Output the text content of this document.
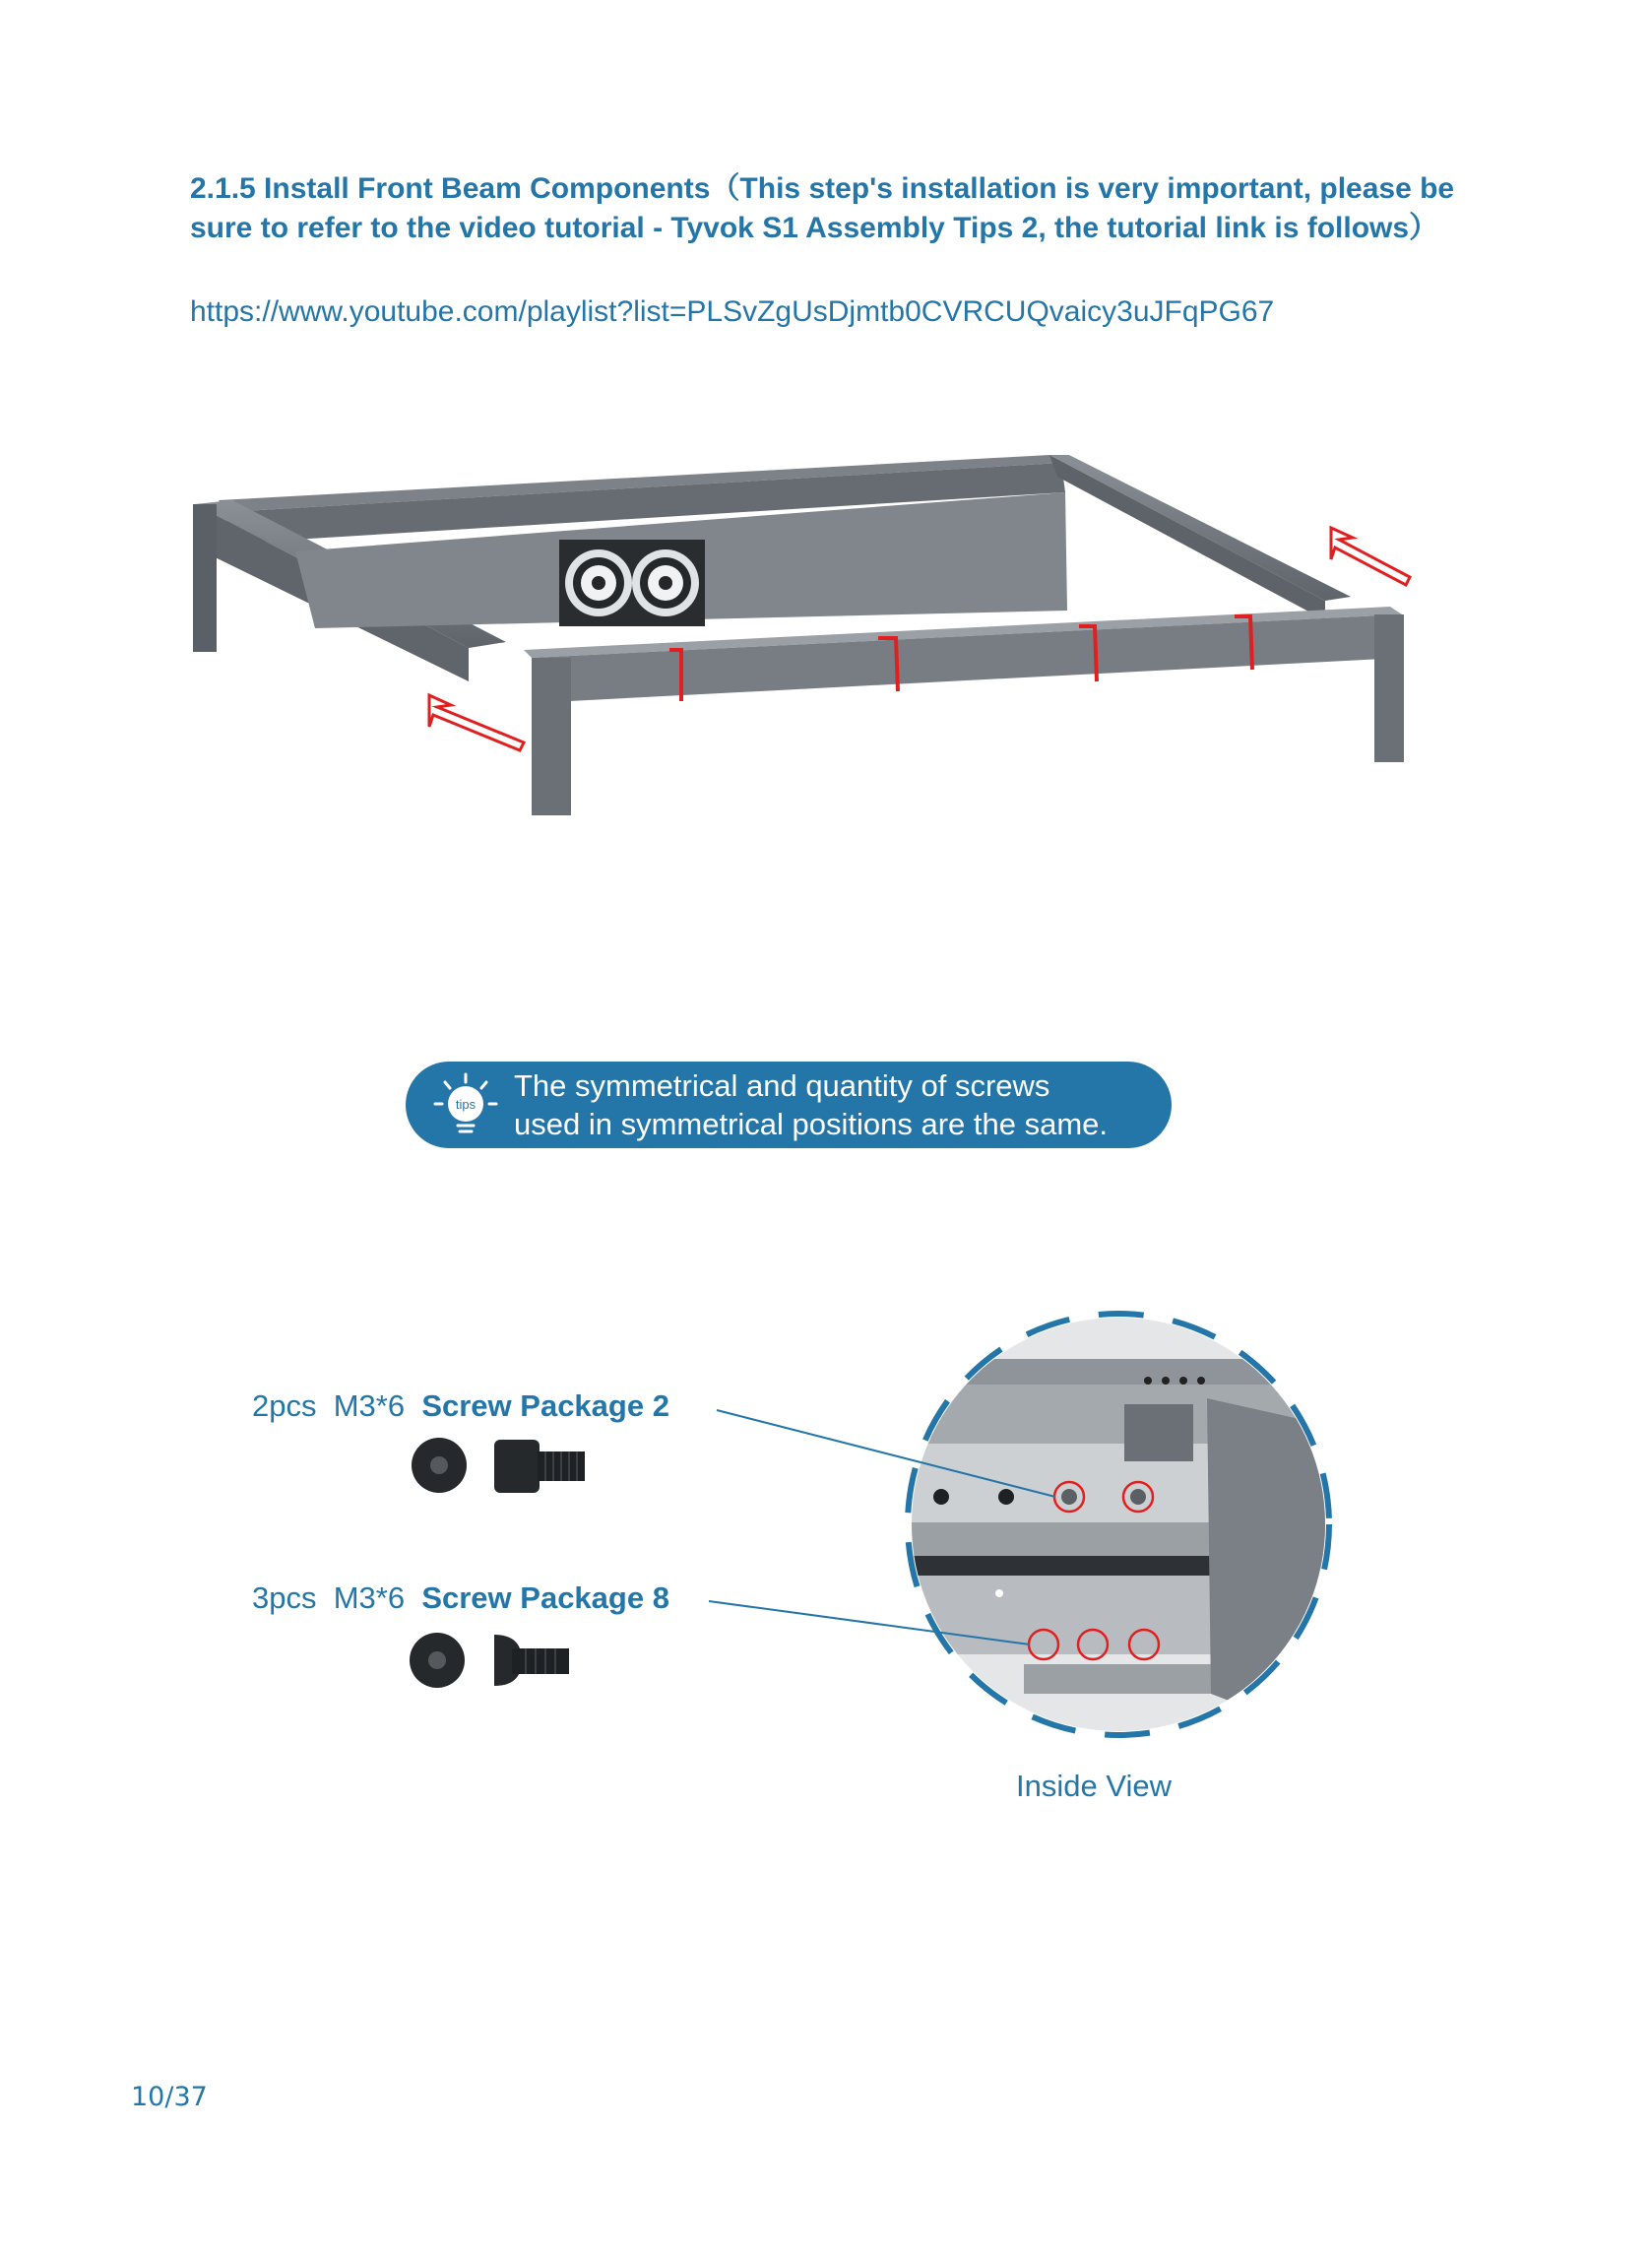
2.1.5 Install Front Beam Components（This step's installation is very important, please be sure to refer to the video tutorial - Tyvok S1 Assembly Tips 2, the tutorial link is follows）
https://www.youtube.com/playlist?list=PLSvZgUsDjmtb0CVRCUQvaicy3uJFqPG67
tips
The symmetrical and quantity of screws
used in symmetrical positions are the same.
2pcs M3*6 Screw Package 2
3pcs M3*6 Screw Package 8
Inside View
10/37
